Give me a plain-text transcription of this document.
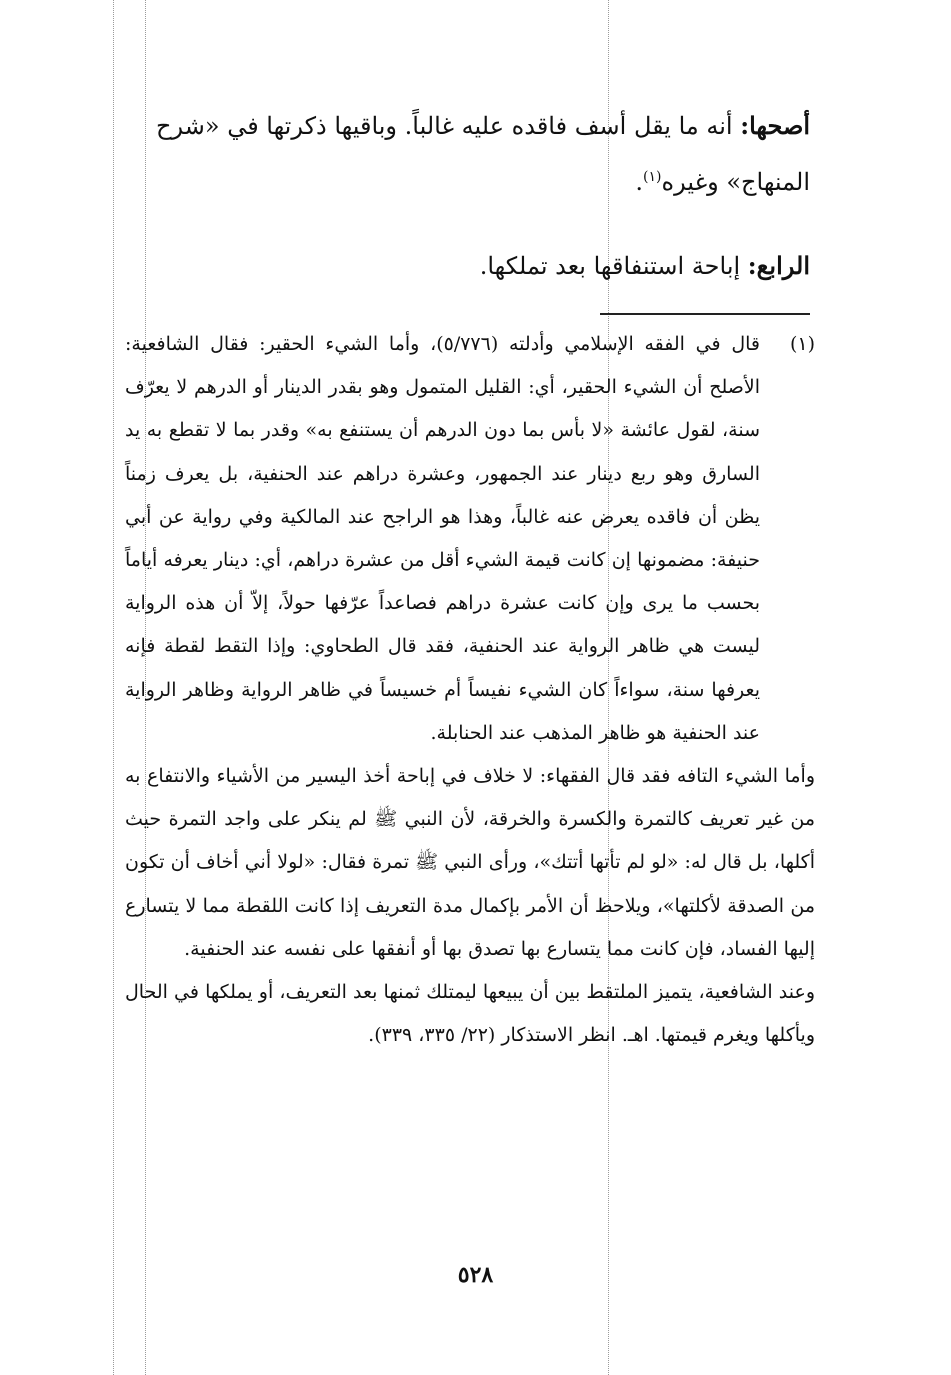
أصحها: أنه ما يقل أسف فاقده عليه غالباً. وباقيها ذكرتها في «شرح المنهاج» وغيره$^{(١)}$.

الرابع: إباحة استنفاقها بعد تملكها.

(١)
قال في الفقه الإسلامي وأدلته (٥/٧٧٦)، وأما الشيء الحقير: فقال الشافعية: الأصلح أن الشيء الحقير، أي: القليل المتمول وهو بقدر الدينار أو الدرهم لا يعرّف سنة، لقول عائشة «لا بأس بما دون الدرهم أن يستنفع به» وقدر بما لا تقطع به يد السارق وهو ربع دينار عند الجمهور، وعشرة دراهم عند الحنفية، بل يعرف زمناً يظن أن فاقده يعرض عنه غالباً، وهذا هو الراجح عند المالكية وفي رواية عن أبي حنيفة: مضمونها إن كانت قيمة الشيء أقل من عشرة دراهم، أي: دينار يعرفه أياماً بحسب ما يرى وإن كانت عشرة دراهم فصاعداً عرّفها حولاً، إلاّ أن هذه الرواية ليست هي ظاهر الرواية عند الحنفية، فقد قال الطحاوي: وإذا التقط لقطة فإنه يعرفها سنة، سواءاً كان الشيء نفيساً أم خسيساً في ظاهر الرواية وظاهر الرواية عند الحنفية هو ظاهر المذهب عند الحنابلة.

وأما الشيء التافه فقد قال الفقهاء: لا خلاف في إباحة أخذ اليسير من الأشياء والانتفاع به من غير تعريف كالتمرة والكسرة والخرقة، لأن النبي ﷺ لم ينكر على واجد التمرة حيث أكلها، بل قال له: «لو لم تأتها أتتك»، ورأى النبي ﷺ تمرة فقال: «لولا أني أخاف أن تكون من الصدقة لأكلتها»، ويلاحظ أن الأمر بإكمال مدة التعريف إذا كانت اللقطة مما لا يتسارع إليها الفساد، فإن كانت مما يتسارع بها تصدق بها أو أنفقها على نفسه عند الحنفية.

وعند الشافعية، يتميز الملتقط بين أن يبيعها ليمتلك ثمنها بعد التعريف، أو يملكها في الحال ويأكلها ويغرم قيمتها. اهـ. انظر الاستذكار (٢٢/ ٣٣٥، ٣٣٩).

٥٢٨
